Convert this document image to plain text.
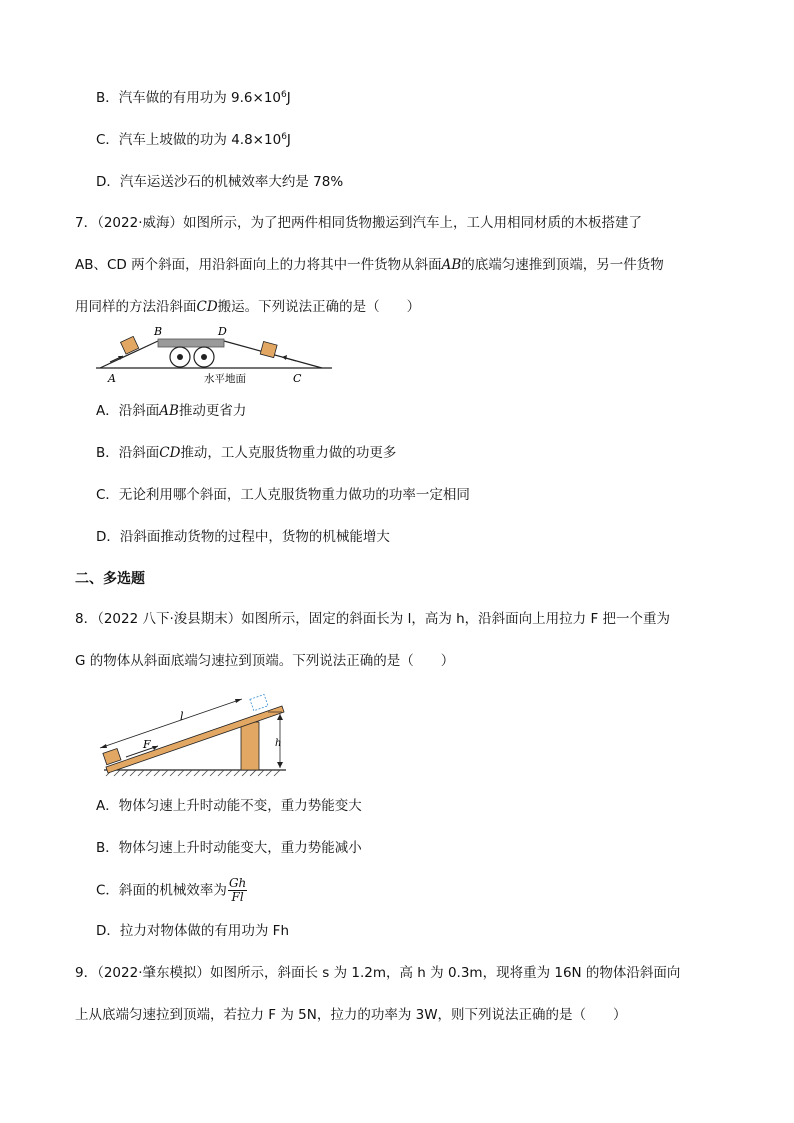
B．汽车做的有用功为 $9.6\times 10^6J$
C．汽车上坡做的功为 $4.8\times 10^6J$
D．汽车运送沙石的机械效率大约是 78%
7．（2022·威海）如图所示，为了把两件相同货物搬运到汽车上，工人用相同材质的木板搭建了
AB、CD 两个斜面，用沿斜面向上的力将其中一件货物从斜面AB的底端匀速推到顶端，另一件货物
用同样的方法沿斜面CD搬运。下列说法正确的是（　　）
A
B	D
C
水平地面
A．沿斜面AB推动更省力
B．沿斜面CD推动，工人克服货物重力做的功更多
C．无论利用哪个斜面，工人克服货物重力做功的功率一定相同
D．沿斜面推动货物的过程中，货物的机械能增大
二、多选题
8．（2022 八下·浚县期末）如图所示，固定的斜面长为 l，高为 h，沿斜面向上用拉力 F 把一个重为
G 的物体从斜面底端匀速拉到顶端。下列说法正确的是（　　）
F
l
h
A．物体匀速上升时动能不变，重力势能变大
B．物体匀速上升时动能变大，重力势能减小
C．斜面的机械效率为 $\frac{Gh}{Fl}$
D．拉力对物体做的有用功为 Fh
9．（2022·肇东模拟）如图所示，斜面长 s 为 1.2m，高 h 为 0.3m，现将重为 16N 的物体沿斜面向
上从底端匀速拉到顶端，若拉力 F 为 5N，拉力的功率为 3W，则下列说法正确的是（　　）
